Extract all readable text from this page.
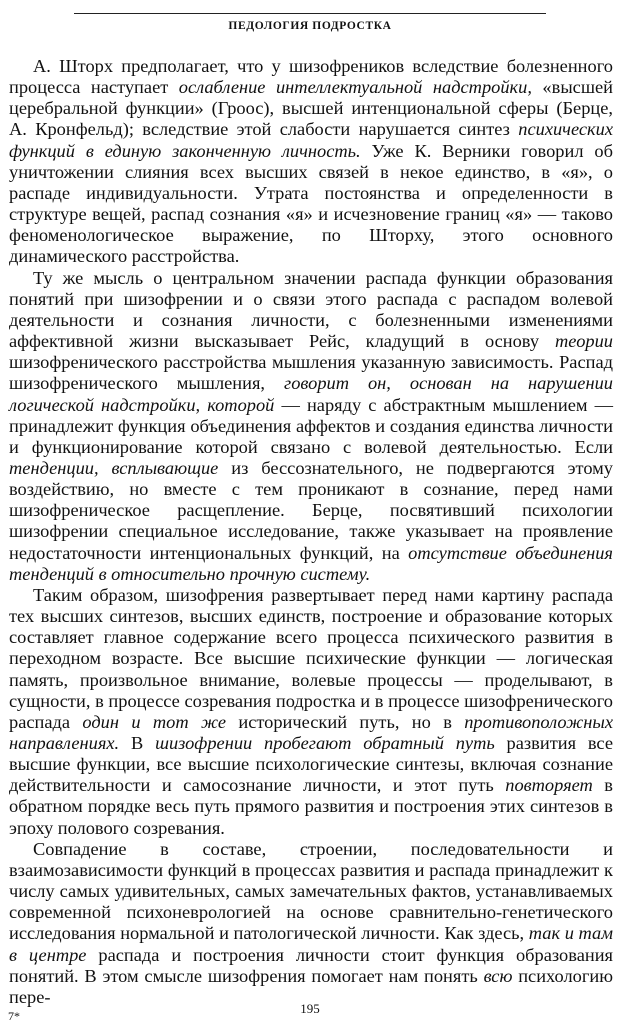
ПЕДОЛОГИЯ ПОДРОСТКА

А. Шторх предполагает, что у шизофреников вследствие болезненного процесса наступает ослабление интеллектуальной надстройки, «высшей церебральной функции» (Гроос), высшей интенциональной сферы (Берце, А. Кронфельд); вследствие этой слабости нарушается синтез психических функций в единую законченную личность. Уже К. Верники говорил об уничтожении слияния всех высших связей в некое единство, в «я», о распаде индивидуальности. Утрата постоянства и определенности в структуре вещей, распад сознания «я» и исчезновение границ «я» — таково феноменологическое выражение, по Шторху, этого основного динамического расстройства.

Ту же мысль о центральном значении распада функции образования понятий при шизофрении и о связи этого распада с распадом волевой деятельности и сознания личности, с болезненными изменениями аффективной жизни высказывает Рейс, кладущий в основу теории шизофренического расстройства мышления указанную зависимость. Распад шизофренического мышления, говорит он, основан на нарушении логической надстройки, которой — наряду с абстрактным мышлением — принадлежит функция объединения аффектов и создания единства личности и функционирование которой связано с волевой деятельностью. Если тенденции, всплывающие из бессознательного, не подвергаются этому воздействию, но вместе с тем проникают в сознание, перед нами шизофреническое расщепление. Берце, посвятивший психологии шизофрении специальное исследование, также указывает на проявление недостаточности интенциональных функций, на отсутствие объединения тенденций в относительно прочную систему.

Таким образом, шизофрения развертывает перед нами картину распада тех высших синтезов, высших единств, построение и образование которых составляет главное содержание всего процесса психического развития в переходном возрасте. Все высшие психические функции — логическая память, произвольное внимание, волевые процессы — проделывают, в сущности, в процессе созревания подростка и в процессе шизофренического распада один и тот же исторический путь, но в противоположных направлениях. В шизофрении пробегают обратный путь развития все высшие функции, все высшие психологические синтезы, включая сознание действительности и самосознание личности, и этот путь повторяет в обратном порядке весь путь прямого развития и построения этих синтезов в эпоху полового созревания.

Совпадение в составе, строении, последовательности и взаимозависимости функций в процессах развития и распада принадлежит к числу самых удивительных, самых замечательных фактов, устанавливаемых современной психоневрологией на основе сравнительно-генетического исследования нормальной и патологической личности. Как здесь, так и там в центре распада и построения личности стоит функция образования понятий. В этом смысле шизофрения помогает нам понять всю психологию пере-

195
7*
